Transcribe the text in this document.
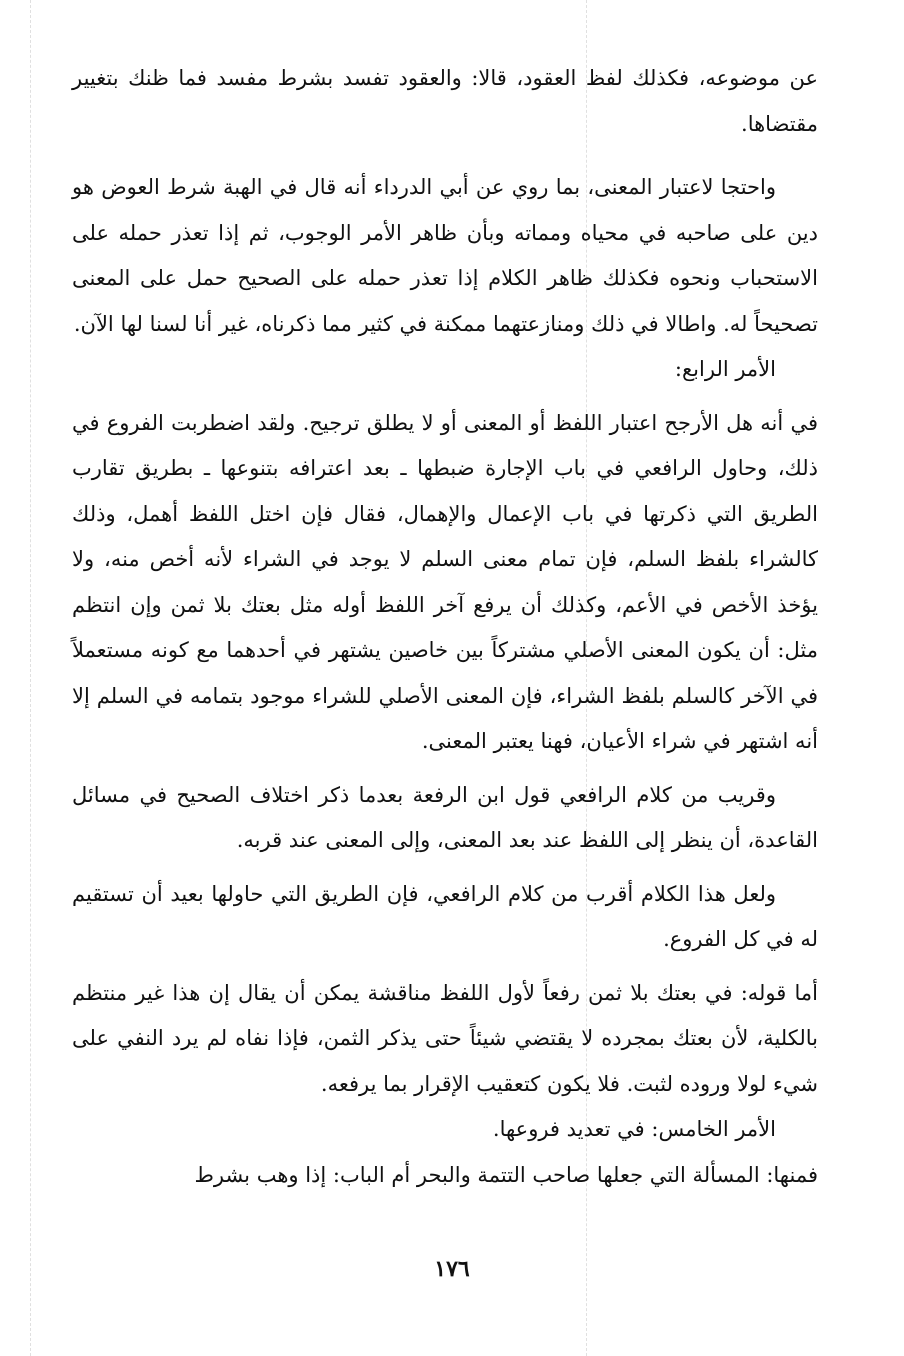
عن موضوعه، فكذلك لفظ العقود، قالا: والعقود تفسد بشرط مفسد فما ظنك بتغيير مقتضاها.

واحتجا لاعتبار المعنى، بما روي عن أبي الدرداء أنه قال في الهبة شرط العوض هو دين على صاحبه في محياه ومماته وبأن ظاهر الأمر الوجوب، ثم إذا تعذر حمله على الاستحباب ونحوه فكذلك ظاهر الكلام إذا تعذر حمله على الصحيح حمل على المعنى تصحيحاً له. واطالا في ذلك ومنازعتهما ممكنة في كثير مما ذكرناه، غير أنا لسنا لها الآن.

الأمر الرابع:

في أنه هل الأرجح اعتبار اللفظ أو المعنى أو لا يطلق ترجيح. ولقد اضطربت الفروع في ذلك، وحاول الرافعي في باب الإجارة ضبطها ـ بعد اعترافه بتنوعها ـ بطريق تقارب الطريق التي ذكرتها في باب الإعمال والإهمال، فقال فإن اختل اللفظ أهمل، وذلك كالشراء بلفظ السلم، فإن تمام معنى السلم لا يوجد في الشراء لأنه أخص منه، ولا يؤخذ الأخص في الأعم، وكذلك أن يرفع آخر اللفظ أوله مثل بعتك بلا ثمن وإن انتظم مثل: أن يكون المعنى الأصلي مشتركاً بين خاصين يشتهر في أحدهما مع كونه مستعملاً في الآخر كالسلم بلفظ الشراء، فإن المعنى الأصلي للشراء موجود بتمامه في السلم إلا أنه اشتهر في شراء الأعيان، فهنا يعتبر المعنى.

وقريب من كلام الرافعي قول ابن الرفعة بعدما ذكر اختلاف الصحيح في مسائل القاعدة، أن ينظر إلى اللفظ عند بعد المعنى، وإلى المعنى عند قربه.

ولعل هذا الكلام أقرب من كلام الرافعي، فإن الطريق التي حاولها بعيد أن تستقيم له في كل الفروع.

أما قوله: في بعتك بلا ثمن رفعاً لأول اللفظ مناقشة يمكن أن يقال إن هذا غير منتظم بالكلية، لأن بعتك بمجرده لا يقتضي شيئاً حتى يذكر الثمن، فإذا نفاه لم يرد النفي على شيء لولا وروده لثبت. فلا يكون كتعقيب الإقرار بما يرفعه.

الأمر الخامس: في تعديد فروعها.

فمنها: المسألة التي جعلها صاحب التتمة والبحر أم الباب: إذا وهب بشرط

١٧٦
